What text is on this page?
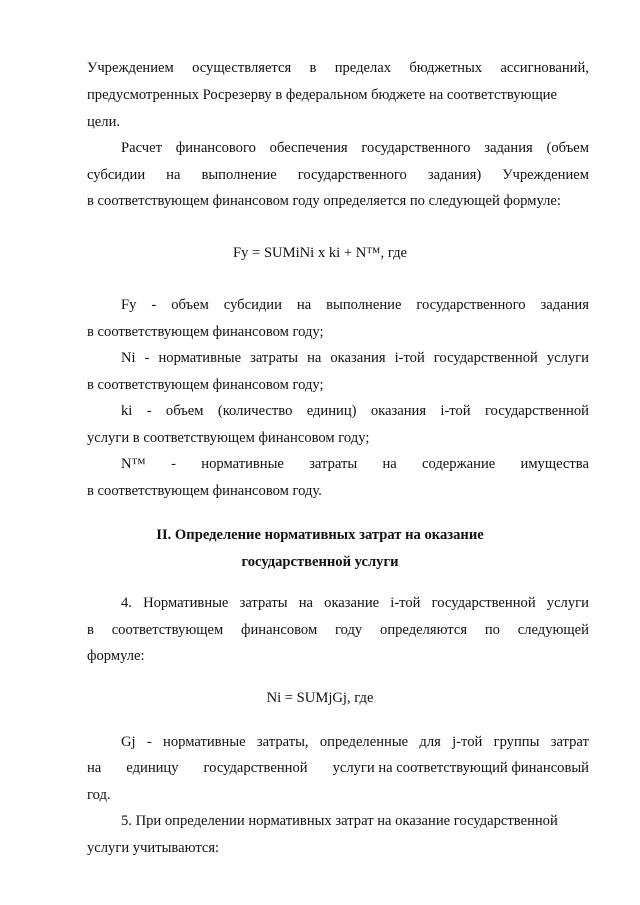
Учреждением осуществляется в пределах бюджетных ассигнований,
предусмотренных Росрезерву в федеральном бюджете на соответствующие
цели.
Расчет финансового обеспечения государственного задания (объем
субсидии на выполнение государственного задания) Учреждением
в соответствующем финансовом году определяется по следующей формуле:
Fу = SUMiNi x ki + N™, где
Fy - объем субсидии на выполнение государственного задания
в соответствующем финансовом году;
Ni - нормативные затраты на оказания i-той государственной услуги
в соответствующем финансовом году;
ki - объем (количество единиц) оказания i-той государственной
услуги в соответствующем финансовом году;
N™ - нормативные затраты на содержание имущества
в соответствующем финансовом году.
II. Определение нормативных затрат на оказание
государственной услуги
4. Нормативные затраты на оказание i-той государственной услуги
в соответствующем финансовом году определяются по следующей
формуле:
Ni = SUMjGj, где
Gj - нормативные затраты, определенные для j-той группы затрат
на единицу государственной услуги на соответствующий финансовый
год.
5. При определении нормативных затрат на оказание государственной
услуги учитываются:
